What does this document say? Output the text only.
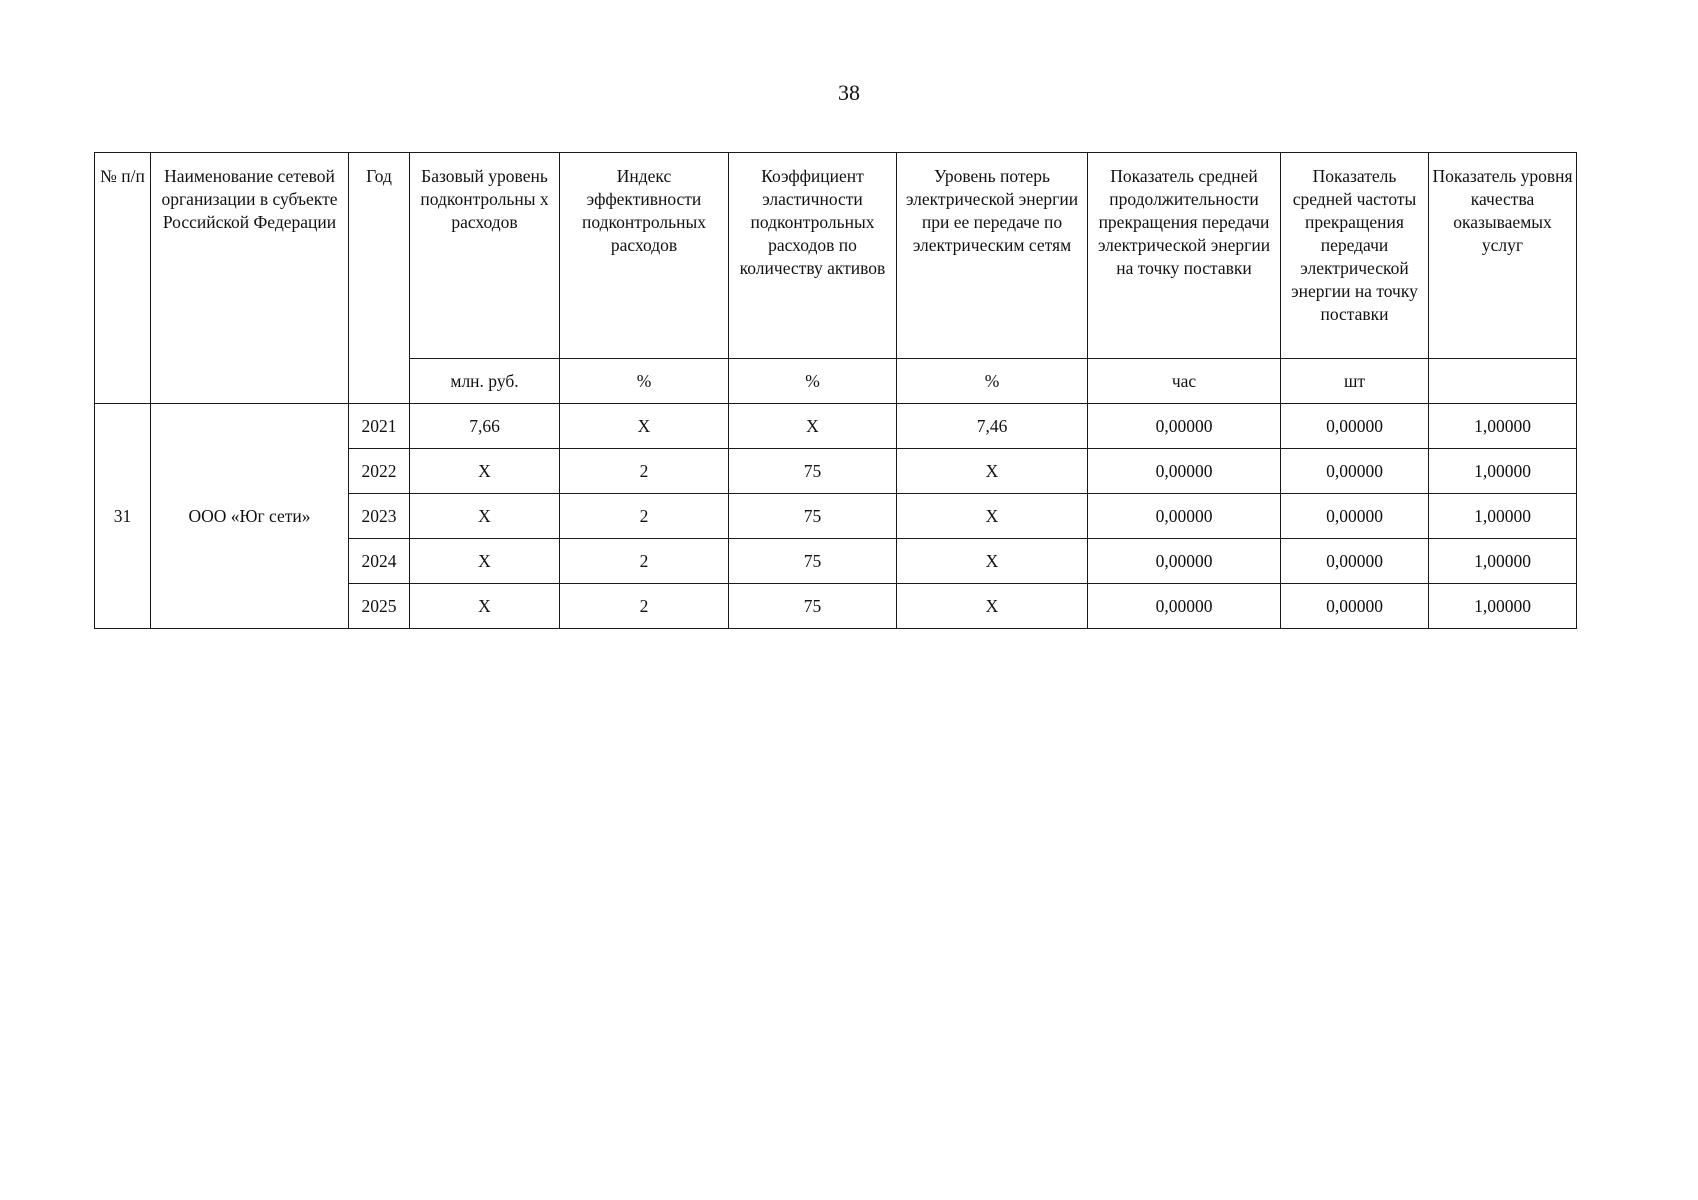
38
№ п/п	Наименование сетевой организации в субъекте Российской Федерации	Год	Базовый уровень подконтрольны х расходов	Индекс эффективности подконтрольных расходов	Коэффициент эластичности подконтрольных расходов по количеству активов	Уровень потерь электрической энергии при ее передаче по электрическим сетям	Показатель средней продолжительности прекращения передачи электрической энергии на точку поставки	Показатель средней частоты прекращения передачи электрической энергии на точку поставки	Показатель уровня качества оказываемых услуг
			млн. руб.	%	%	%	час	шт	
31	ООО «Юг сети»	2021	7,66	X	X	7,46	0,00000	0,00000	1,00000
		2022	X	2	75	X	0,00000	0,00000	1,00000
		2023	X	2	75	X	0,00000	0,00000	1,00000
		2024	X	2	75	X	0,00000	0,00000	1,00000
		2025	X	2	75	X	0,00000	0,00000	1,00000
